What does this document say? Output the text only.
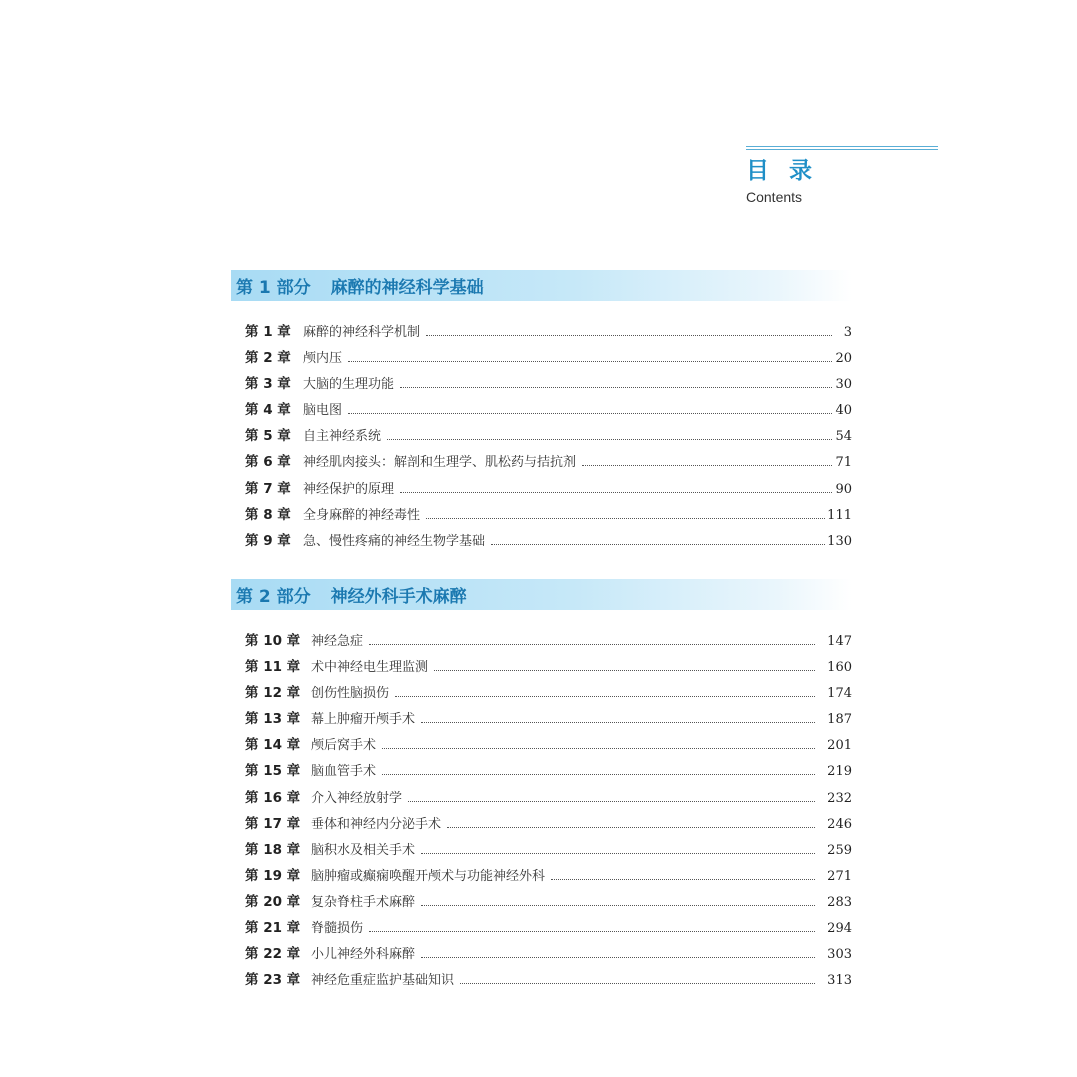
目 录
Contents
第 1 部分 麻醉的神经科学基础
第 1 章 麻醉的神经科学机制	3
第 2 章 颅内压	20
第 3 章 大脑的生理功能	30
第 4 章 脑电图	40
第 5 章 自主神经系统	54
第 6 章 神经肌肉接头：解剖和生理学、肌松药与拮抗剂	71
第 7 章 神经保护的原理	90
第 8 章 全身麻醉的神经毒性	111
第 9 章 急、慢性疼痛的神经生物学基础	130
第 2 部分 神经外科手术麻醉
第 10 章 神经急症	147
第 11 章 术中神经电生理监测	160
第 12 章 创伤性脑损伤	174
第 13 章 幕上肿瘤开颅手术	187
第 14 章 颅后窝手术	201
第 15 章 脑血管手术	219
第 16 章 介入神经放射学	232
第 17 章 垂体和神经内分泌手术	246
第 18 章 脑积水及相关手术	259
第 19 章 脑肿瘤或癫痫唤醒开颅术与功能神经外科	271
第 20 章 复杂脊柱手术麻醉	283
第 21 章 脊髓损伤	294
第 22 章 小儿神经外科麻醉	303
第 23 章 神经危重症监护基础知识	313
